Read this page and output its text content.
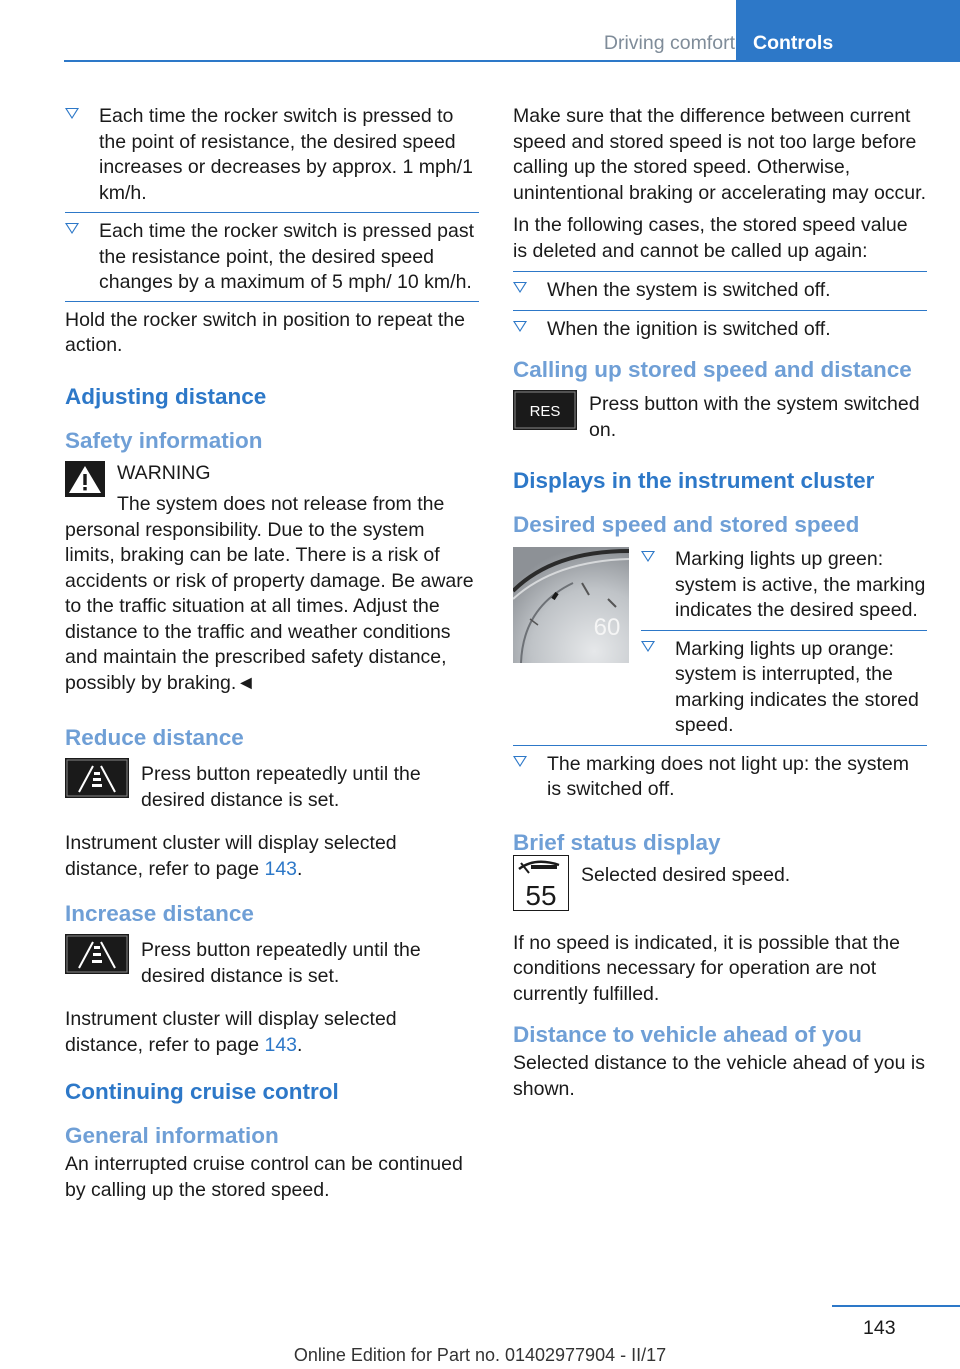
Driving comfort Controls
Each time the rocker switch is pressed to the point of resistance, the desired speed increases or decreases by approx. 1 mph/1 km/h.
Each time the rocker switch is pressed past the resistance point, the desired speed changes by a maximum of 5 mph/ 10 km/h.

Hold the rocker switch in position to repeat the action.

Adjusting distance
Safety information
WARNING

The system does not release from the personal responsibility. Due to the system limits, braking can be late. There is a risk of accidents or risk of property damage. Be aware to the traffic situation at all times. Adjust the distance to the traffic and weather conditions and maintain the prescribed safety distance, possibly by braking.◄

Reduce distance
Press button repeatedly until the desired distance is set.

Instrument cluster will display selected distance, refer to page 143.

Increase distance
Press button repeatedly until the desired distance is set.

Instrument cluster will display selected distance, refer to page 143.

Continuing cruise control
General information

An interrupted cruise control can be continued by calling up the stored speed.

Make sure that the difference between current speed and stored speed is not too large before calling up the stored speed. Otherwise, unintentional braking or accelerating may occur.

In the following cases, the stored speed value is deleted and cannot be called up again:

When the system is switched off.
When the ignition is switched off.
Calling up stored speed and distance
RES Press button with the system switched on.
Displays in the instrument cluster
Desired speed and stored speed
60
Marking lights up green: system is active, the marking indicates the desired speed.
Marking lights up orange: system is interrupted, the marking indicates the stored speed.
The marking does not light up: the system is switched off.
Brief status display
55
Selected desired speed.

If no speed is indicated, it is possible that the conditions necessary for operation are not currently fulfilled.

Distance to vehicle ahead of you

Selected distance to the vehicle ahead of you is shown.

143
Online Edition for Part no. 01402977904 - II/17
